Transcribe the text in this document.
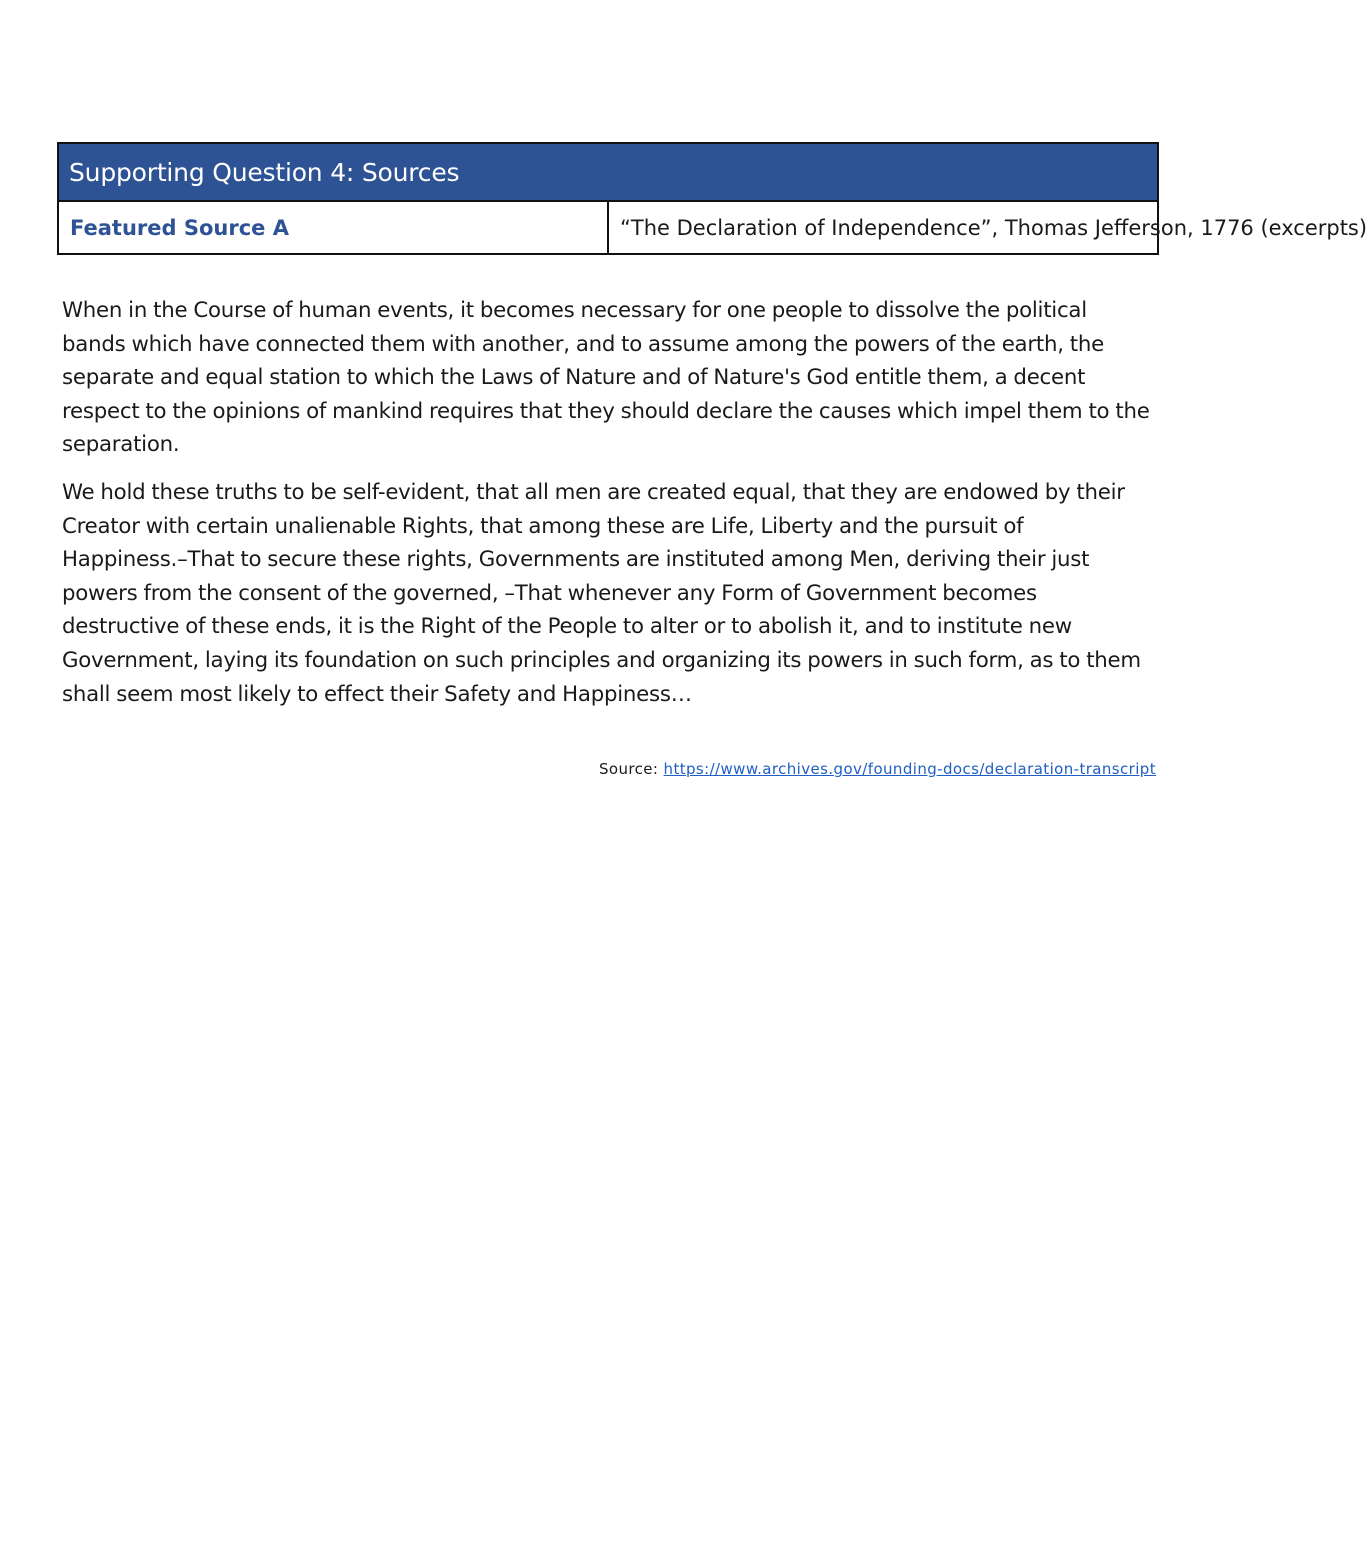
Supporting Question 4: Sources
Featured Source A	“The Declaration of Independence”, Thomas Jefferson, 1776 (excerpts)

When in the Course of human events, it becomes necessary for one people to dissolve the political bands which have connected them with another, and to assume among the powers of the earth, the separate and equal station to which the Laws of Nature and of Nature's God entitle them, a decent respect to the opinions of mankind requires that they should declare the causes which impel them to the separation.

We hold these truths to be self-evident, that all men are created equal, that they are endowed by their Creator with certain unalienable Rights, that among these are Life, Liberty and the pursuit of Happiness.–That to secure these rights, Governments are instituted among Men, deriving their just powers from the consent of the governed, –That whenever any Form of Government becomes destructive of these ends, it is the Right of the People to alter or to abolish it, and to institute new Government, laying its foundation on such principles and organizing its powers in such form, as to them shall seem most likely to effect their Safety and Happiness…

Source: https://www.archives.gov/founding-docs/declaration-transcript
